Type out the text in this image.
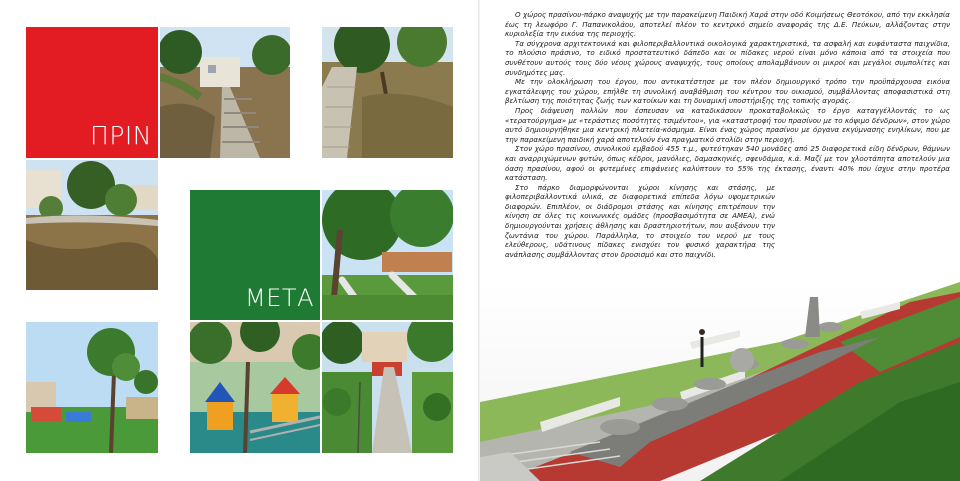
ΠΡΙΝ
ΜΕΤΑ

Ο χώρος πρασίνου-πάρκο αναψυχής με την παρακείμενη Παιδική Χαρά στην οδό Κοιμήσεως Θεοτόκου, από την εκκλησία έως τη λεωφόρο Γ. Παπανικολάου, αποτελεί πλέον το κεντρικό σημείο αναφοράς της Δ.Ε. Πεύκων, αλλάζοντας στην κυριολεξία την εικόνα της περιοχής.

Τα σύγχρονα αρχιτεκτονικά και φιλοπεριβαλλοντικά οικολογικά χαρακτηριστικά, τα ασφαλή και ευφάνταστα παιχνίδια, το πλούσιο πράσινο, το ειδικό προστατευτικό δάπεδο και οι πίδακες νερού είναι μόνο κάποια από τα στοιχεία που συνθέτουν αυτούς τους δύο νέους χώρους αναψυχής, τους οποίους απολαμβάνουν οι μικροί και μεγάλοι συμπολίτες και συνδημότες μας.

Με την ολοκλήρωση του έργου, που αντικατέστησε με τον πλέον δημιουργικό τρόπο την προϋπάρχουσα εικόνα εγκατάλειψης του χώρου, επήλθε τη συνολική αναβάθμιση του κέντρου του οικισμού, συμβάλλοντας αποφασιστικά στη βελτίωση της ποιότητας ζωής των κατοίκων και τη δυναμική υποστήριξης της τοπικής αγοράς.

Προς διάψευση πολλών που έσπευσαν να καταδικάσουν προκαταβολικώς το έργο καταγγέλλοντάς το ως «τερατούργημα» με «τεράστιες ποσότητες τσιμέντου», για «καταστροφή του πρασίνου με το κόψιμο δένδρων», στον χώρο αυτό δημιουργήθηκε μια κεντρική πλατεία-κόσμημα. Είναι ένας χώρος πρασίνου με όργανα εκγύμνασης ενηλίκων, που με την παρακείμενη παιδική χαρά αποτελούν ένα πραγματικό στολίδι στην περιοχή.

Στον χώρο πρασίνου, συνολικού εμβαδού 455 τ.μ., φυτεύτηκαν 540 μονάδες από 25 διαφορετικά είδη δένδρων, θάμνων και αναρριχώμενων φυτών, όπως κέδροι, μανόλιες, δαμασκηνιές, σφενδάμια, κ.ά. Μαζί με τον χλοοτάπητα αποτελούν μια όαση πρασίνου, αφού οι φυτεμένες επιφάνειες καλύπτουν το 55% της έκτασης, έναντι 40% που ίσχυε στην προτέρα κατάσταση.

Στο πάρκο διαμορφώνονται χώροι κίνησης και στάσης, με φιλοπεριβαλλοντικά υλικά, σε διαφορετικά επίπεδα λόγω υψομετρικών διαφορών. Επιπλέον, οι διάδρομοι στάσης και κίνησης επιτρέπουν την κίνηση σε όλες τις κοινωνικές ομάδες (προσβασιμότητα σε ΑΜΕΑ), ενώ δημιουργούνται χρήσεις άθλησης και δραστηριοτήτων, που αυξάνουν την ζωντάνια του χώρου. Παράλληλα, το στοιχείο του νερού με τους ελεύθερους, υδάτινους πίδακες ενισχύει τον φυσικό χαρακτήρα της ανάπλασης συμβάλλοντας στον δροσισμό και στο παιχνίδι.
